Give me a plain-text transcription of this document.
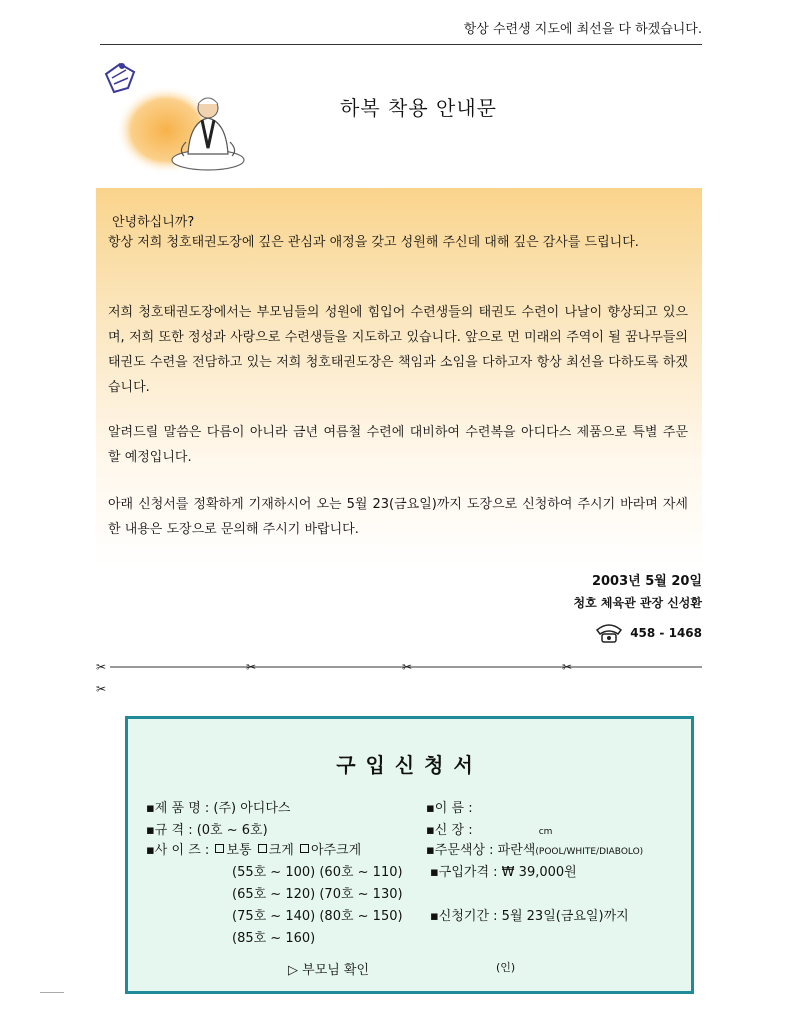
항상 수련생 지도에 최선을 다 하겠습니다.
하복 착용 안내문
안녕하십니까?
항상 저희 청호태권도장에 깊은 관심과 애정을 갖고 성원해 주신데 대해 깊은 감사를 드립니다.
저희 청호태권도장에서는 부모님들의 성원에 힘입어 수련생들의 태권도 수련이 나날이 향상되고 있으며, 저희 또한 정성과 사랑으로 수련생들을 지도하고 있습니다. 앞으로 먼 미래의 주역이 될 꿈나무들의 태권도 수련을 전담하고 있는 저희 청호태권도장은 책임과 소임을 다하고자 항상 최선을 다하도록 하겠습니다.
알려드릴 말씀은 다름이 아니라 금년 여름철 수련에 대비하여 수련복을 아디다스 제품으로 특별 주문 할 예정입니다.
아래 신청서를 정확하게 기재하시어 오는 5월 23(금요일)까지 도장으로 신청하여 주시기 바라며 자세한 내용은 도장으로 문의해 주시기 바랍니다.
2003년 5월 20일
청호 체육관 관장 신성환
458 - 1468
✂	✂	✂	✂
✂
구입신청서
▪제 품 명 : (주) 아디다스
▪규 격 : (0호 ~ 6호)
▪사 이 즈 : 보통 크게 아주크게
(55호 ~ 100) (60호 ~ 110)
(65호 ~ 120) (70호 ~ 130)
(75호 ~ 140) (80호 ~ 150)
(85호 ~ 160)
▪이 름 :
▪신 장 :	cm
▪주문색상 : 파란색(POOL/WHITE/DIABOLO)
▪구입가격 : ₩ 39,000원
▪신청기간 : 5월 23일(금요일)까지
▷ 부모님 확인	(인)
